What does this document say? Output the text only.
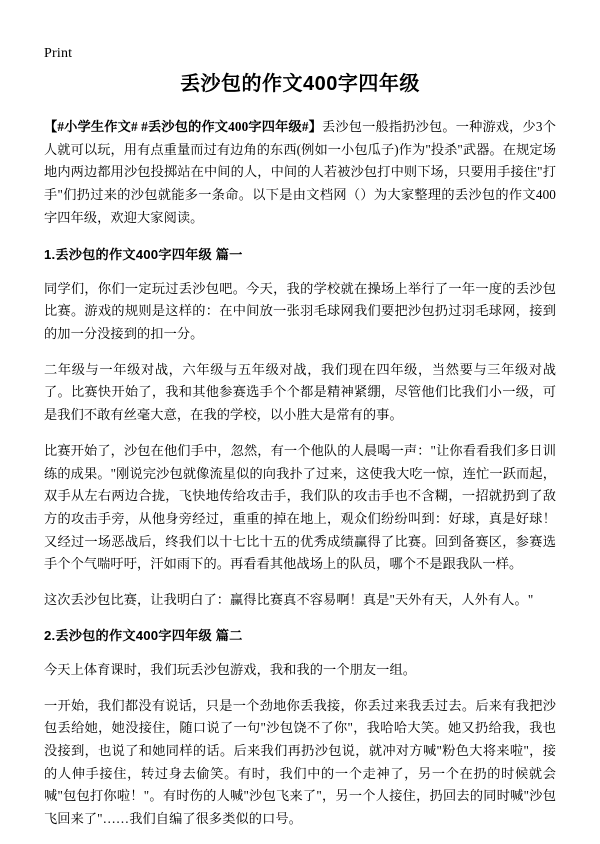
Print
丢沙包的作文400字四年级

【#小学生作文# #丢沙包的作文400字四年级#】丢沙包一般指扔沙包。一种游戏，少3个人就可以玩，用有点重量而过有边角的东西(例如一小包瓜子)作为"投杀"武器。在规定场地内两边都用沙包投掷站在中间的人，中间的人若被沙包打中则下场，只要用手接住"打手"们扔过来的沙包就能多一条命。以下是由文档网（）为大家整理的丢沙包的作文400字四年级，欢迎大家阅读。

1.丢沙包的作文400字四年级 篇一

同学们，你们一定玩过丢沙包吧。今天，我的学校就在操场上举行了一年一度的丢沙包比赛。游戏的规则是这样的：在中间放一张羽毛球网我们要把沙包扔过羽毛球网，接到的加一分没接到的扣一分。

二年级与一年级对战，六年级与五年级对战，我们现在四年级，当然要与三年级对战了。比赛快开始了，我和其他参赛选手个个都是精神紧绷，尽管他们比我们小一级，可是我们不敢有丝毫大意，在我的学校，以小胜大是常有的事。

比赛开始了，沙包在他们手中，忽然，有一个他队的人晨喝一声："让你看看我们多日训练的成果。"刚说完沙包就像流星似的向我扑了过来，这使我大吃一惊，连忙一跃而起，双手从左右两边合拢，飞快地传给攻击手，我们队的攻击手也不含糊，一招就扔到了敌方的攻击手旁，从他身旁经过，重重的掉在地上，观众们纷纷叫到：好球，真是好球！又经过一场恶战后，终我们以十七比十五的优秀成绩赢得了比赛。回到备赛区，参赛选手个个气喘吁吁，汗如雨下的。再看看其他战场上的队员，哪个不是跟我队一样。

这次丢沙包比赛，让我明白了：赢得比赛真不容易啊！真是"天外有天，人外有人。"

2.丢沙包的作文400字四年级 篇二

今天上体育课时，我们玩丢沙包游戏，我和我的一个朋友一组。

一开始，我们都没有说话，只是一个劲地你丢我接，你丢过来我丢过去。后来有我把沙包丢给她，她没接住，随口说了一句"沙包饶不了你"，我哈哈大笑。她又扔给我，我也没接到，也说了和她同样的话。后来我们再扔沙包说，就冲对方喊"粉色大将来啦"，接的人伸手接住，转过身去偷笑。有时，我们中的一个走神了，另一个在扔的时候就会喊"包包打你啦！"。有时伤的人喊"沙包飞来了"，另一个人接住，扔回去的同时喊"沙包飞回来了"……我们自编了很多类似的口号。
